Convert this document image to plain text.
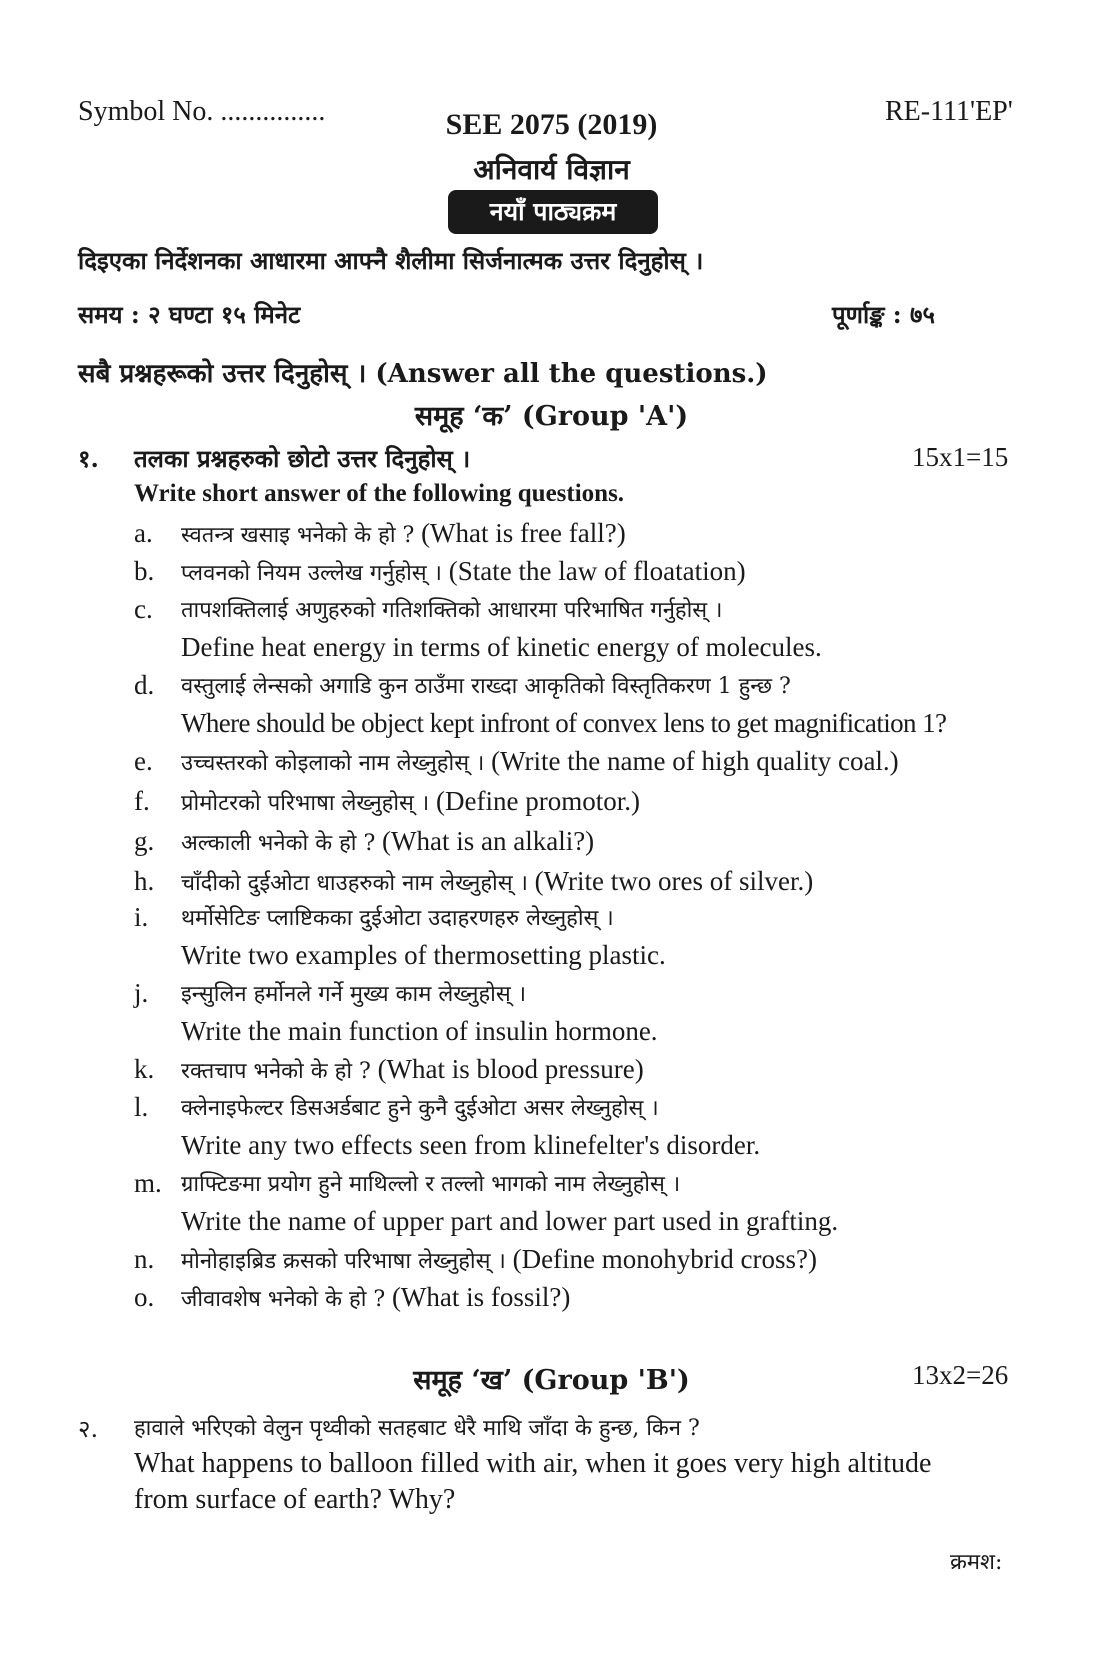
Symbol No. ...............	SEE 2075 (2019)	RE-111'EP'
अनिवार्य विज्ञान
नयाँ पाठ्यक्रम
दिइएका निर्देशनका आधारमा आफ्नै शैलीमा सिर्जनात्मक उत्तर दिनुहोस् ।
समय : २ घण्टा १५ मिनेट	पूर्णाङ्क : ७५
सबै प्रश्नहरूको उत्तर दिनुहोस् । (Answer all the questions.)
समूह ‘क’ (Group 'A')
१. तलका प्रश्नहरुको छोटो उत्तर दिनुहोस् ।	15x1=15
Write short answer of the following questions.
a.	स्वतन्त्र खसाइ भनेको के हो ? (What is free fall?)
b.	प्लवनको नियम उल्लेख गर्नुहोस् । (State the law of floatation)
c.	तापशक्तिलाई अणुहरुको गतिशक्तिको आधारमा परिभाषित गर्नुहोस् ।
Define heat energy in terms of kinetic energy of molecules.
d.	वस्तुलाई लेन्सको अगाडि कुन ठाउँमा राख्दा आकृतिको विस्तृतिकरण 1 हुन्छ ?
Where should be object kept infront of convex lens to get magnification 1?
e.	उच्चस्तरको कोइलाको नाम लेख्नुहोस् । (Write the name of high quality coal.)
f.	प्रोमोटरको परिभाषा लेख्नुहोस् । (Define promotor.)
g.	अल्काली भनेको के हो ? (What is an alkali?)
h.	चाँदीको दुईओटा धाउहरुको नाम लेख्नुहोस् । (Write two ores of silver.)
i.	थर्मोसेटिङ प्लाष्टिकका दुईओटा उदाहरणहरु लेख्नुहोस् ।
Write two examples of thermosetting plastic.
j.	इन्सुलिन हर्मोनले गर्ने मुख्य काम लेख्नुहोस् ।
Write the main function of insulin hormone.
k.	रक्तचाप भनेको के हो ? (What is blood pressure)
l.	क्लेनाइफेल्टर डिसअर्डबाट हुने कुनै दुईओटा असर लेख्नुहोस् ।
Write any two effects seen from klinefelter's disorder.
m. ग्राफ्टिङमा प्रयोग हुने माथिल्लो र तल्लो भागको नाम लेख्नुहोस् ।
Write the name of upper part and lower part used in grafting.
n.	मोनोहाइब्रिड क्रसको परिभाषा लेख्नुहोस् । (Define monohybrid cross?)
o.	जीवावशेष भनेको के हो ? (What is fossil?)
समूह ‘ख’ (Group 'B')	13x2=26
२. हावाले भरिएको वेलुन पृथ्वीको सतहबाट धेरै माथि जाँदा के हुन्छ, किन ?
What happens to balloon filled with air, when it goes very high altitude
from surface of earth? Why?
क्रमश:
